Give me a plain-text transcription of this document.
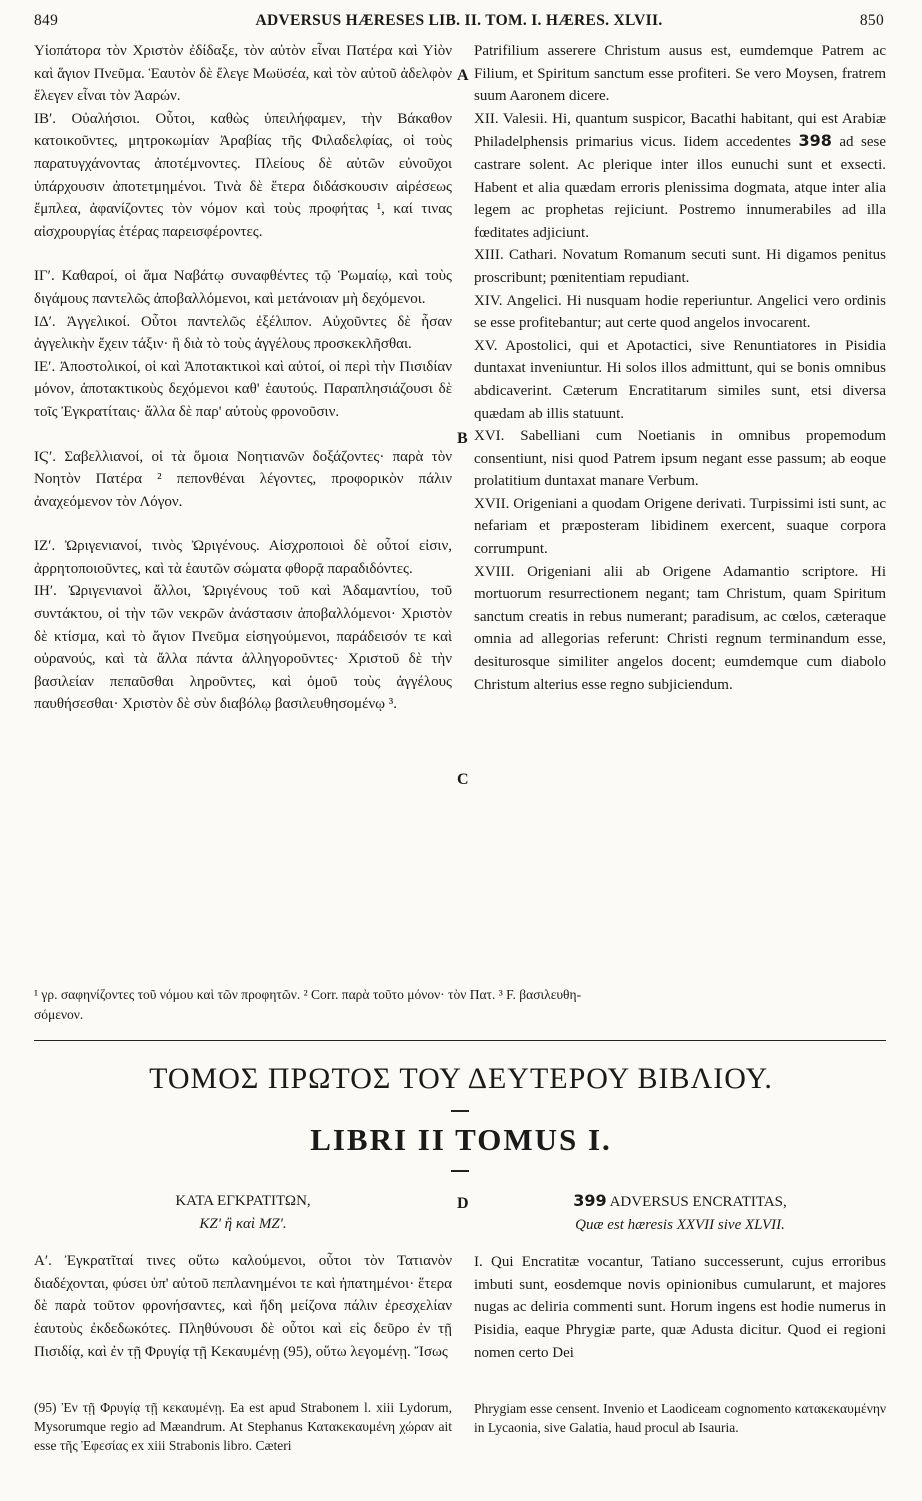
849	ADVERSUS HÆRESES LIB. II. TOM. I. HÆRES. XLVII.	850
A
B
C
D

Υἱοπάτορα τὸν Χριστὸν ἐδίδαξε, τὸν αὐτὸν εἶναι Πατέρα καὶ Υἱὸν καὶ ἅγιον Πνεῦμα. Ἑαυτὸν δὲ ἔλεγε Μωϋσέα, καὶ τὸν αὐτοῦ ἀδελφὸν ἔλεγεν εἶναι τὸν Ἀαρών.

ΙΒʹ. Οὐαλήσιοι. Οὗτοι, καθὼς ὑπειλήφαμεν, τὴν Βάκαθον κατοικοῦντες, μητροκωμίαν Ἀραβίας τῆς Φιλαδελφίας, οἱ τοὺς παρατυγχάνοντας ἀποτέμνοντες. Πλείους δὲ αὐτῶν εὐνοῦχοι ὑπάρχουσιν ἀποτετμημένοι. Τινὰ δὲ ἕτερα διδάσκουσιν αἱρέσεως ἔμπλεα, ἀφανίζοντες τὸν νόμον καὶ τοὺς προφήτας ¹, καί τινας αἰσχρουργίας ἑτέρας παρεισφέροντες.

ΙΓʹ. Καθαροί, οἱ ἅμα Ναβάτῳ συναφθέντες τῷ Ῥωμαίῳ, καὶ τοὺς διγάμους παντελῶς ἀποβαλλόμενοι, καὶ μετάνοιαν μὴ δεχόμενοι.

ΙΔʹ. Ἀγγελικοί. Οὗτοι παντελῶς ἐξέλιπον. Αὐχοῦντες δὲ ἦσαν ἀγγελικὴν ἔχειν τάξιν· ἢ διὰ τὸ τοὺς ἀγγέλους προσκεκλῆσθαι.

ΙΕʹ. Ἀποστολικοί, οἱ καὶ Ἀποτακτικοὶ καὶ αὐτοί, οἱ περὶ τὴν Πισιδίαν μόνον, ἀποτακτικοὺς δεχόμενοι καθ' ἑαυτούς. Παραπλησιάζουσι δὲ τοῖς Ἐγκρατίταις· ἄλλα δὲ παρ' αὐτοὺς φρονοῦσιν.

ΙϚʹ. Σαβελλιανοί, οἱ τὰ ὅμοια Νοητιανῶν δοξάζοντες· παρὰ τὸν Νοητὸν Πατέρα ² πεπονθέναι λέγοντες, προφορικὸν πάλιν ἀναχεόμενον τὸν Λόγον.

ΙΖʹ. Ὠριγενιανοί, τινὸς Ὠριγένους. Αἰσχροποιοὶ δὲ οὗτοί εἰσιν, ἀρρητοποιοῦντες, καὶ τὰ ἑαυτῶν σώματα φθορᾷ παραδιδόντες.

ΙΗʹ. Ὠριγενιανοὶ ἄλλοι, Ὠριγένους τοῦ καὶ Ἀδαμαντίου, τοῦ συντάκτου, οἱ τὴν τῶν νεκρῶν ἀνάστασιν ἀποβαλλόμενοι· Χριστὸν δὲ κτίσμα, καὶ τὸ ἅγιον Πνεῦμα εἰσηγούμενοι, παράδεισόν τε καὶ οὐρανούς, καὶ τὰ ἄλλα πάντα ἀλληγοροῦντες· Χριστοῦ δὲ τὴν βασιλείαν πεπαῦσθαι ληροῦντες, καὶ ὁμοῦ τοὺς ἀγγέλους παυθήσεσθαι· Χριστὸν δὲ σὺν διαβόλῳ βασιλευθησομένῳ ³.

Patrifilium asserere Christum ausus est, eumdemque Patrem ac Filium, et Spiritum sanctum esse profiteri. Se vero Moysen, fratrem suum Aaronem dicere.

XII. Valesii. Hi, quantum suspicor, Bacathi habitant, qui est Arabiæ Philadelphensis primarius vicus. Iidem accedentes 398 ad sese castrare solent. Ac plerique inter illos eunuchi sunt et exsecti. Habent et alia quædam erroris plenissima dogmata, atque inter alia legem ac prophetas rejiciunt. Postremo innumerabiles ad illa fœditates adjiciunt.

XIII. Cathari. Novatum Romanum secuti sunt. Hi digamos penitus proscribunt; pœnitentiam repudiant.

XIV. Angelici. Hi nusquam hodie reperiuntur. Angelici vero ordinis se esse profitebantur; aut certe quod angelos invocarent.

XV. Apostolici, qui et Apotactici, sive Renuntiatores in Pisidia duntaxat inveniuntur. Hi solos illos admittunt, qui se bonis omnibus abdicaverint. Cæterum Encratitarum similes sunt, etsi diversa quædam ab illis statuunt.

XVI. Sabelliani cum Noetianis in omnibus propemodum consentiunt, nisi quod Patrem ipsum negant esse passum; ab eoque prolatitium duntaxat manare Verbum.

XVII. Origeniani a quodam Origene derivati. Turpissimi isti sunt, ac nefariam et præposteram libidinem exercent, suaque corpora corrumpunt.

XVIII. Origeniani alii ab Origene Adamantio scriptore. Hi mortuorum resurrectionem negant; tam Christum, quam Spiritum sanctum creatis in rebus numerant; paradisum, ac cœlos, cæteraque omnia ad allegorias referunt: Christi regnum terminandum esse, desiturosque similiter angelos docent; eumdemque cum diabolo Christum alterius esse regno subjiciendum.

¹ γρ. σαφηνίζοντες τοῦ νόμου καὶ τῶν προφητῶν. ² Corr. παρὰ τοῦτο μόνον· τὸν Πατ. ³ F. βασιλευθη-
σόμενον.
ΤΟΜΟΣ ΠΡΩΤΟΣ ΤΟΥ ΔΕΥΤΕΡΟΥ ΒΙΒΛΙΟΥ.
LIBRI II TOMUS I.
ΚΑΤΑ ΕΓΚΡΑΤΙΤΩΝ,
ΚΖʹ ἢ καὶ ΜΖʹ.

Αʹ. Ἐγκρατῖταί τινες οὕτω καλούμενοι, οὗτοι τὸν Τατιανὸν διαδέχονται, φύσει ὑπ' αὐτοῦ πεπλανημένοι τε καὶ ἠπατημένοι· ἕτερα δὲ παρὰ τοῦτον φρονήσαντες, καὶ ἤδη μείζονα πάλιν ἐρεσχελίαν ἑαυτοὺς ἐκδεδωκότες. Πληθύνουσι δὲ οὗτοι καὶ εἰς δεῦρο ἐν τῇ Πισιδίᾳ, καὶ ἐν τῇ Φρυγίᾳ τῇ Κεκαυμένῃ (95), οὕτω λεγομένῃ. Ἴσως

(95) Ἐν τῇ Φρυγίᾳ τῇ κεκαυμένῃ. Ea est apud Strabonem l. xiii Lydorum, Mysorumque regio ad Mæandrum. At Stephanus Κατακεκαυμένη χώραν ait esse τῆς Ἐφεσίας ex xiii Strabonis libro. Cæteri

399 ADVERSUS ENCRATITAS,
Quæ est hæresis XXVII sive XLVII.

I. Qui Encratitæ vocantur, Tatiano successerunt, cujus erroribus imbuti sunt, eosdemque novis opinionibus cumularunt, et majores nugas ac deliria commenti sunt. Horum ingens est hodie numerus in Pisidia, eaque Phrygiæ parte, quæ Adusta dicitur. Quod ei regioni nomen certo Dei

Phrygiam esse censent. Invenio et Laodiceam cognomento κατακεκαυμένην in Lycaonia, sive Galatia, haud procul ab Isauria.
